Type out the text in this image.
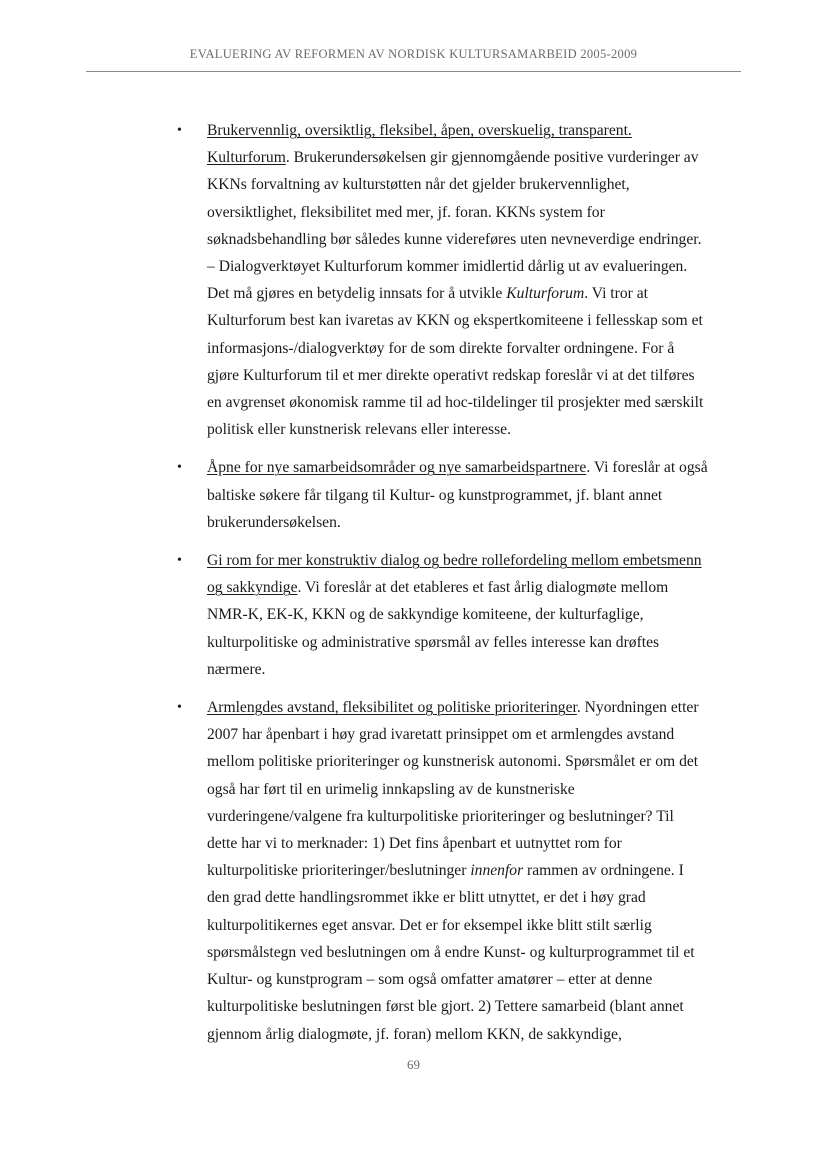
EVALUERING AV REFORMEN AV NORDISK KULTURSAMARBEID 2005-2009
• Brukervennlig, oversiktlig, fleksibel, åpen, overskuelig, transparent. Kulturforum. Brukerundersøkelsen gir gjennomgående positive vurderinger av KKNs forvaltning av kulturstøtten når det gjelder brukervennlighet, oversiktlighet, fleksibilitet med mer, jf. foran. KKNs system for søknadsbehandling bør således kunne videreføres uten nevneverdige endringer. – Dialogverktøyet Kulturforum kommer imidlertid dårlig ut av evalueringen. Det må gjøres en betydelig innsats for å utvikle Kulturforum. Vi tror at Kulturforum best kan ivaretas av KKN og ekspertkomiteene i fellesskap som et informasjons-/dialogverktøy for de som direkte forvalter ordningene. For å gjøre Kulturforum til et mer direkte operativt redskap foreslår vi at det tilføres en avgrenset økonomisk ramme til ad hoc-tildelinger til prosjekter med særskilt politisk eller kunstnerisk relevans eller interesse.
• Åpne for nye samarbeidsområder og nye samarbeidspartnere. Vi foreslår at også baltiske søkere får tilgang til Kultur- og kunstprogrammet, jf. blant annet brukerundersøkelsen.
• Gi rom for mer konstruktiv dialog og bedre rollefordeling mellom embetsmenn og sakkyndige. Vi foreslår at det etableres et fast årlig dialogmøte mellom NMR-K, EK-K, KKN og de sakkyndige komiteene, der kulturfaglige, kulturpolitiske og administrative spørsmål av felles interesse kan drøftes nærmere.
• Armlengdes avstand, fleksibilitet og politiske prioriteringer. Nyordningen etter 2007 har åpenbart i høy grad ivaretatt prinsippet om et armlengdes avstand mellom politiske prioriteringer og kunstnerisk autonomi. Spørsmålet er om det også har ført til en urimelig innkapsling av de kunstneriske vurderingene/valgene fra kulturpolitiske prioriteringer og beslutninger? Til dette har vi to merknader: 1) Det fins åpenbart et uutnyttet rom for kulturpolitiske prioriteringer/beslutninger innenfor rammen av ordningene. I den grad dette handlingsrommet ikke er blitt utnyttet, er det i høy grad kulturpolitikernes eget ansvar. Det er for eksempel ikke blitt stilt særlig spørsmålstegn ved beslutningen om å endre Kunst- og kulturprogrammet til et Kultur- og kunstprogram – som også omfatter amatører – etter at denne kulturpolitiske beslutningen først ble gjort. 2) Tettere samarbeid (blant annet gjennom årlig dialogmøte, jf. foran) mellom KKN, de sakkyndige,
69
